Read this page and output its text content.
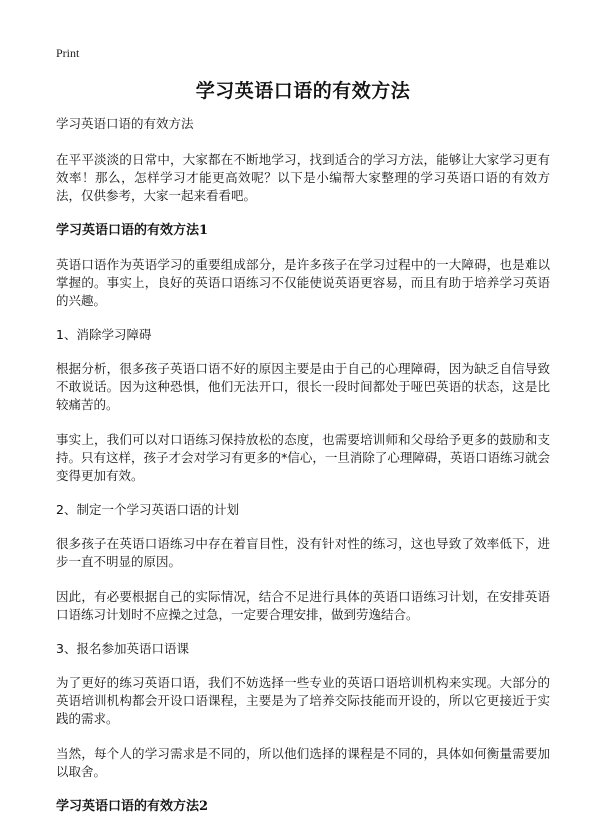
Print
学习英语口语的有效方法
学习英语口语的有效方法

在平平淡淡的日常中，大家都在不断地学习，找到适合的学习方法，能够让大家学习更有效率！那么，怎样学习才能更高效呢？以下是小编帮大家整理的学习英语口语的有效方法，仅供参考，大家一起来看看吧。

学习英语口语的有效方法1

英语口语作为英语学习的重要组成部分，是许多孩子在学习过程中的一大障碍，也是难以掌握的。事实上，良好的英语口语练习不仅能使说英语更容易，而且有助于培养学习英语的兴趣。

1、消除学习障碍

根据分析，很多孩子英语口语不好的原因主要是由于自己的心理障碍，因为缺乏自信导致不敢说话。因为这种恐惧，他们无法开口，很长一段时间都处于哑巴英语的状态，这是比较痛苦的。

事实上，我们可以对口语练习保持放松的态度，也需要培训师和父母给予更多的鼓励和支持。只有这样，孩子才会对学习有更多的*信心，一旦消除了心理障碍，英语口语练习就会变得更加有效。

2、制定一个学习英语口语的计划

很多孩子在英语口语练习中存在着盲目性，没有针对性的练习，这也导致了效率低下，进步一直不明显的原因。

因此，有必要根据自己的实际情况，结合不足进行具体的英语口语练习计划，在安排英语口语练习计划时不应操之过急，一定要合理安排，做到劳逸结合。

3、报名参加英语口语课

为了更好的练习英语口语，我们不妨选择一些专业的英语口语培训机构来实现。大部分的英语培训机构都会开设口语课程，主要是为了培养交际技能而开设的，所以它更接近于实践的需求。

当然，每个人的学习需求是不同的，所以他们选择的课程是不同的，具体如何衡量需要加以取舍。

学习英语口语的有效方法2
